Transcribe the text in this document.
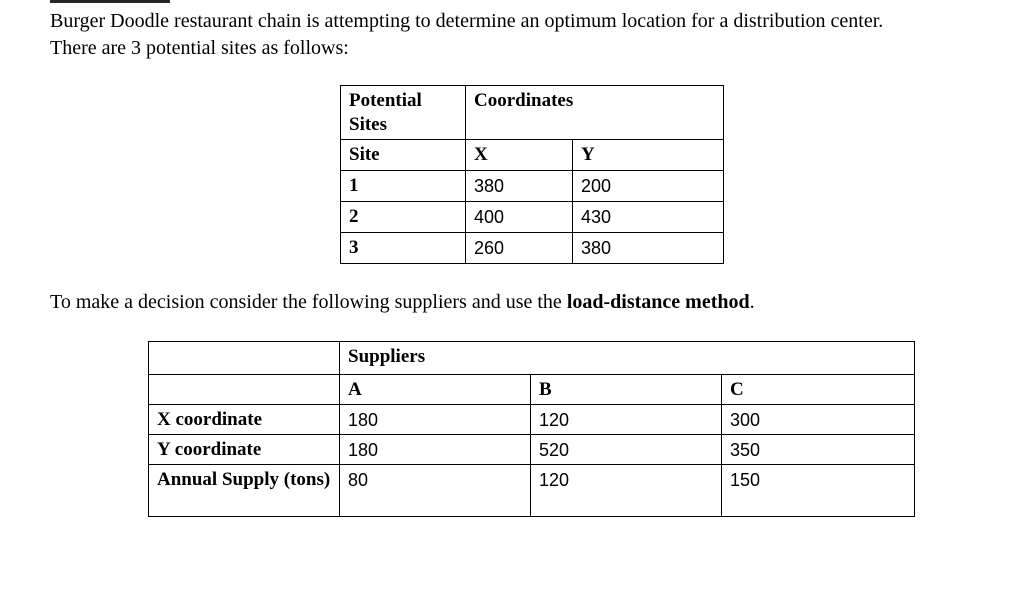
Burger Doodle restaurant chain is attempting to determine an optimum location for a distribution center.

There are 3 potential sites as follows:

Potential Sites	Coordinates	
Site	X	Y
1	380	200
2	400	430
3	260	380

To make a decision consider the following suppliers and use the load-distance method.

	Suppliers		
	A	B	C
X coordinate	180	120	300
Y coordinate	180	520	350
Annual Supply (tons)	80	120	150
